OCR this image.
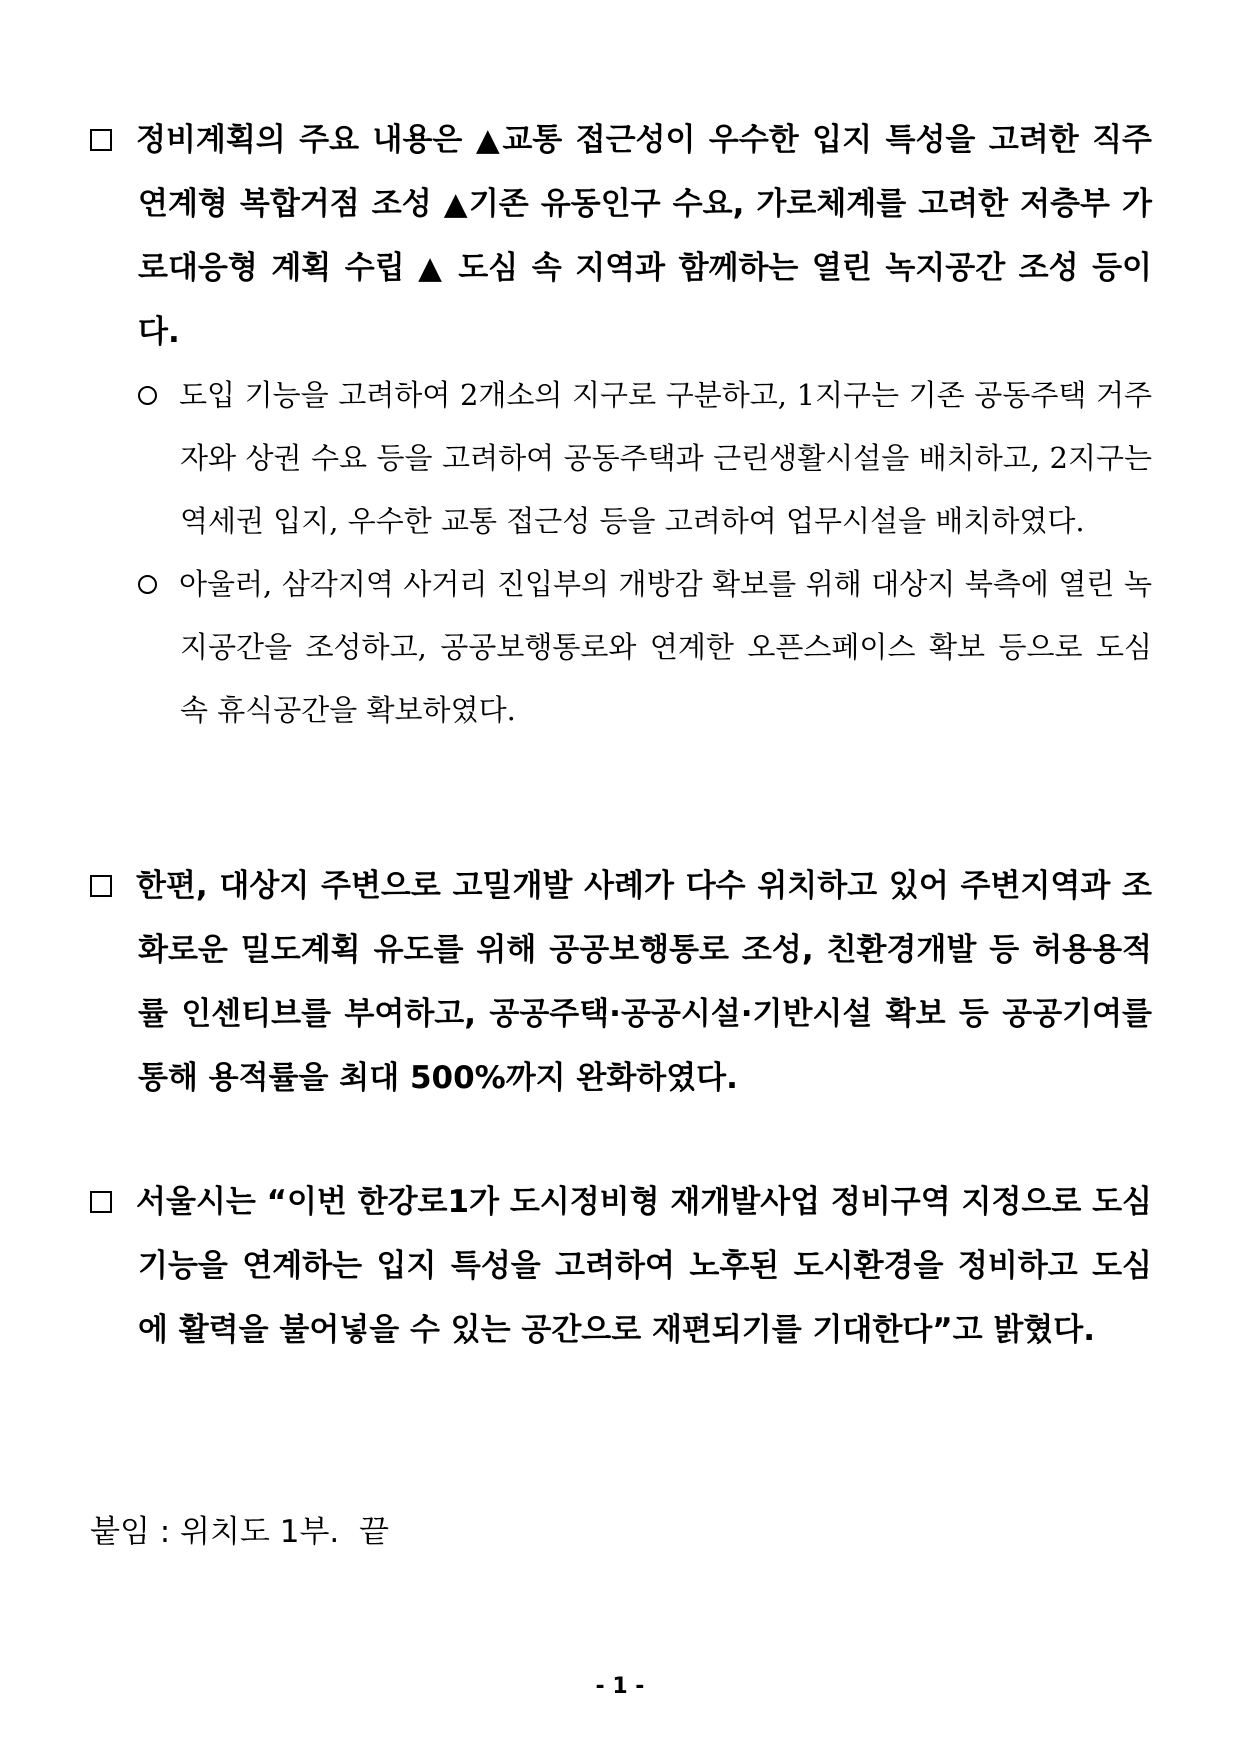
정비계획의 주요 내용은 ▲교통 접근성이 우수한 입지 특성을 고려한 직주연계형 복합거점 조성 ▲기존 유동인구 수요, 가로체계를 고려한 저층부 가로대응형 계획 수립 ▲ 도심 속 지역과 함께하는 열린 녹지공간 조성 등이다.
도입 기능을 고려하여 2개소의 지구로 구분하고, 1지구는 기존 공동주택 거주자와 상권 수요 등을 고려하여 공동주택과 근린생활시설을 배치하고, 2지구는 역세권 입지, 우수한 교통 접근성 등을 고려하여 업무시설을 배치하였다.
아울러, 삼각지역 사거리 진입부의 개방감 확보를 위해 대상지 북측에 열린 녹지공간을 조성하고, 공공보행통로와 연계한 오픈스페이스 확보 등으로 도심 속 휴식공간을 확보하였다.
한편, 대상지 주변으로 고밀개발 사례가 다수 위치하고 있어 주변지역과 조화로운 밀도계획 유도를 위해 공공보행통로 조성, 친환경개발 등 허용용적률 인센티브를 부여하고, 공공주택·공공시설·기반시설 확보 등 공공기여를 통해 용적률을 최대 500%까지 완화하였다.
서울시는 “이번 한강로1가 도시정비형 재개발사업 정비구역 지정으로 도심기능을 연계하는 입지 특성을 고려하여 노후된 도시환경을 정비하고 도심에 활력을 불어넣을 수 있는 공간으로 재편되기를 기대한다”고 밝혔다.
붙임 : 위치도 1부.  끝
- 1 -
